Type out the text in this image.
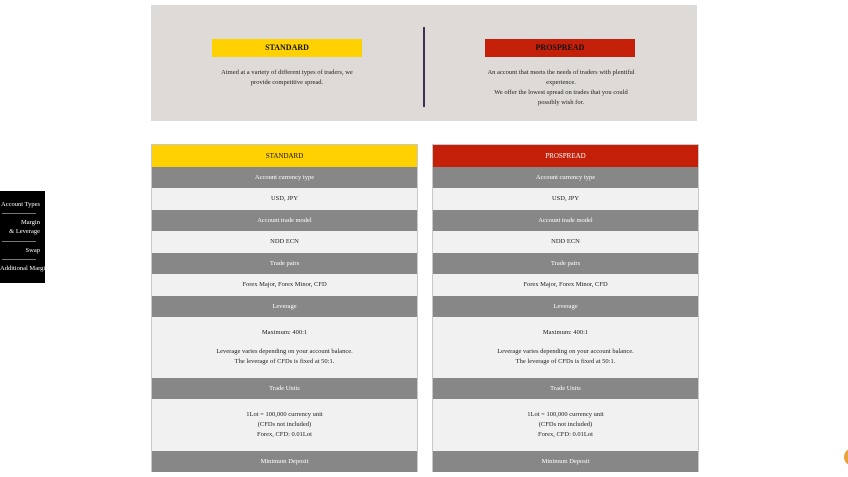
Account Types
Margin
& Leverage
Swap
Additional Margin
STANDARD
Aimed at a variety of different types of traders, we
provide competitive spread.
PROSPREAD
An account that meets the needs of traders with plentiful
experience.
We offer the lowest spread on trades that you could
possibly wish for.
STANDARD
Account currency type
USD, JPY
Account trade model
NDD ECN
Trade pairs
Forex Major, Forex Minor, CFD
Leverage
Maximum: 400:1
Leverage varies depending on your account balance.
The leverage of CFDs is fixed at 50:1.
Trade Units
1Lot = 100,000 currency unit
(CFDs not included)
Forex, CFD: 0.01Lot
Minimum Deposit
PROSPREAD
Account currency type
USD, JPY
Account trade model
NDD ECN
Trade pairs
Forex Major, Forex Minor, CFD
Leverage
Maximum: 400:1
Leverage varies depending on your account balance.
The leverage of CFDs is fixed at 50:1.
Trade Units
1Lot = 100,000 currency unit
(CFDs not included)
Forex, CFD: 0.01Lot
Minimum Deposit
